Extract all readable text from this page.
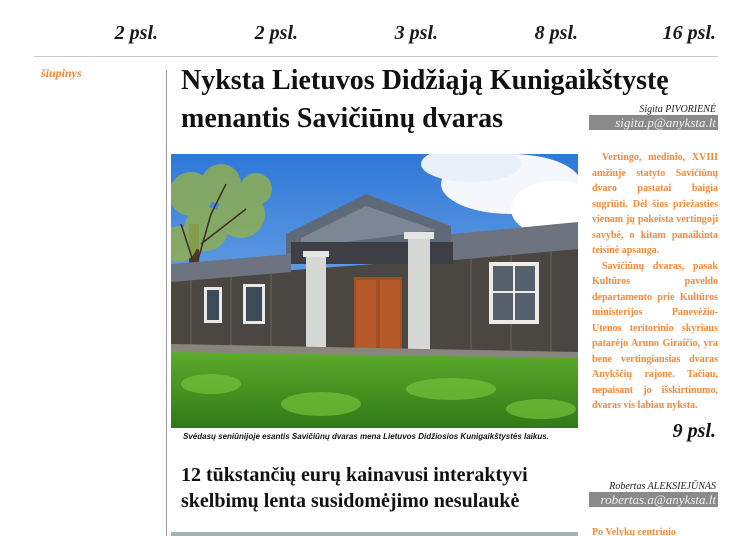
2 psl.	2 psl.	3 psl.	8 psl.	16 psl.
šiupinys	Nyksta Lietuvos Didžiąją Kunigaikštystę
menantis Savičiūnų dvaras	Sigita PIVORIENĖ
sigita.p@anyksta.lt
Svėdasų seniūnijoje esantis Savičiūnų dvaras mena Lietuvos Didžiosios Kunigaikštystės laikus.

Vertingo, medinio, XVIII amžiuje statyto Savičiūnų dvaro pastatai baigia sugriūti. Dėl šios priežasties vienam jų pakeista vertingoji savybė, o kitam panaikinta teisinė apsauga.

Savičiūnų dvaras, pasak Kultūros paveldo departamento prie Kultūros ministerijos Panevėžio-Utenos teritorinio skyriaus patarėjo Aruno Giraičio, yra bene vertingiausias dvaras Anykščių rajone. Tačiau, nepaisant jo išskirtinumo, dvaras vis labiau nyksta.

9 psl.
12 tūkstančių eurų kainavusi interaktyvi
skelbimų lenta susidomėjimo nesulaukė
Robertas ALEKSIEJŪNAS
robertas.a@anyksta.lt
Po Velykų centrinio
